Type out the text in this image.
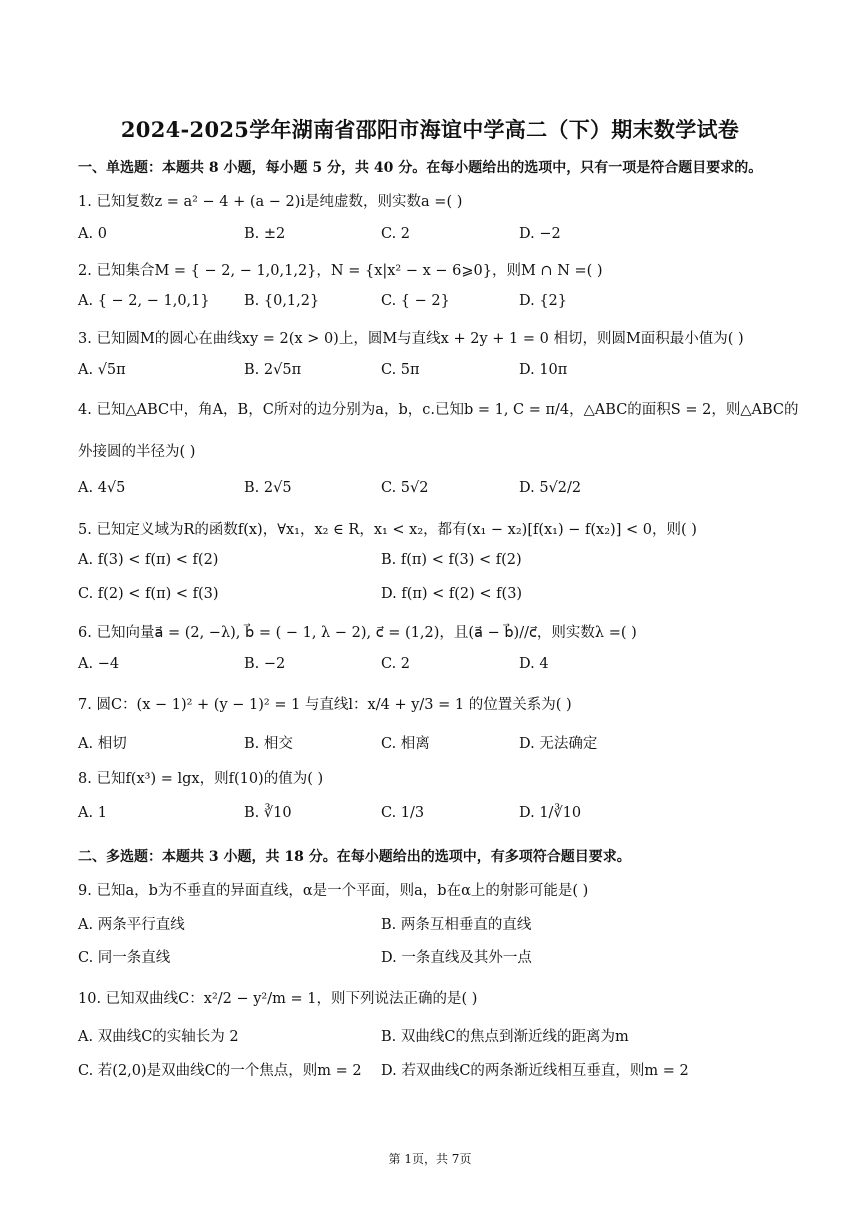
2024-2025学年湖南省邵阳市海谊中学高二（下）期末数学试卷
一、单选题：本题共 8 小题，每小题 5 分，共 40 分。在每小题给出的选项中，只有一项是符合题目要求的。
1. 已知复数z = a² − 4 + (a − 2)i是纯虚数，则实数a =( )
A. 0	B. ±2	C. 2	D. −2
2. 已知集合M = { − 2, − 1,0,1,2}，N = {x|x² − x − 6⩾0}，则M ∩ N =( )
A. { − 2, − 1,0,1} B. {0,1,2}	C. { − 2}	D. {2}
3. 已知圆M的圆心在曲线xy = 2(x > 0)上，圆M与直线x + 2y + 1 = 0 相切，则圆M面积最小值为( )
A. √5π	B. 2√5π	C. 5π	D. 10π
4. 已知△ABC中，角A，B，C所对的边分别为a，b，c.已知b = 1, C = π/4，△ABC的面积S = 2，则△ABC的
外接圆的半径为( )
A. 4√5	B. 2√5	C. 5√2	D. 5√2/2
5. 已知定义域为R的函数f(x)，∀x₁，x₂ ∈ R，x₁ < x₂，都有(x₁ − x₂)[f(x₁) − f(x₂)] < 0，则( )
A. f(3) < f(π) < f(2)	B. f(π) < f(3) < f(2)
C. f(2) < f(π) < f(3)	D. f(π) < f(2) < f(3)
6. 已知向量a⃗ = (2, −λ), b⃗ = ( − 1, λ − 2), c⃗ = (1,2)，且(a⃗ − b⃗)//c⃗，则实数λ =( )
A. −4	B. −2	C. 2	D. 4
7. 圆C：(x − 1)² + (y − 1)² = 1 与直线l：x/4 + y/3 = 1 的位置关系为( )
A. 相切	B. 相交	C. 相离	D. 无法确定
8. 已知f(x³) = lgx，则f(10)的值为( )
A. 1	B. ∛10	C. 1/3	D. 1/∛10
二、多选题：本题共 3 小题，共 18 分。在每小题给出的选项中，有多项符合题目要求。
9. 已知a，b为不垂直的异面直线，α是一个平面，则a，b在α上的射影可能是( )
A. 两条平行直线	B. 两条互相垂直的直线
C. 同一条直线	D. 一条直线及其外一点
10. 已知双曲线C：x²/2 − y²/m = 1，则下列说法正确的是( )
A. 双曲线C的实轴长为 2	B. 双曲线C的焦点到渐近线的距离为m
C. 若(2,0)是双曲线C的一个焦点，则m = 2 D. 若双曲线C的两条渐近线相互垂直，则m = 2
第 1页，共 7页
